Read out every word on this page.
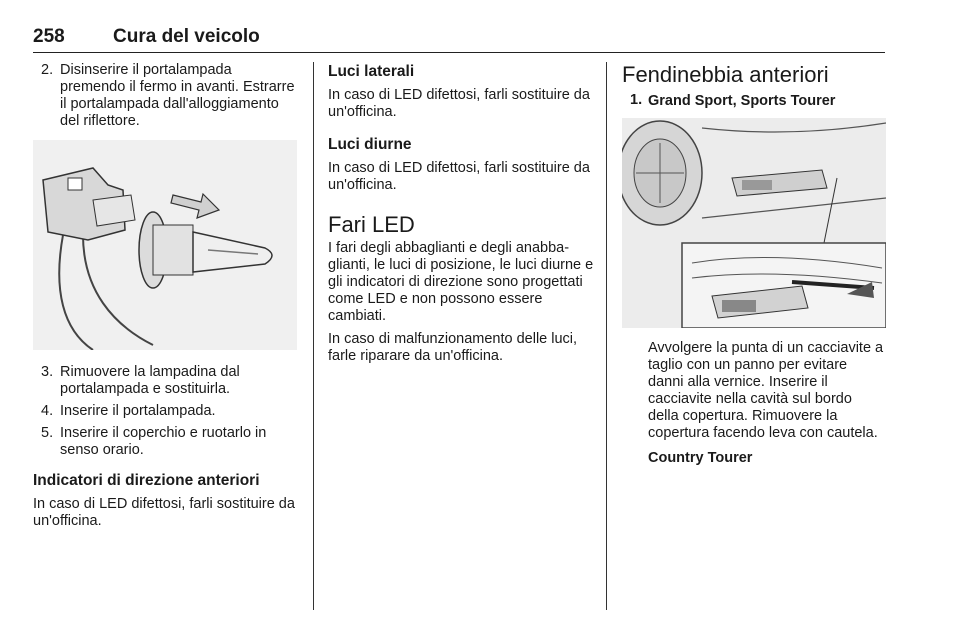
258	Cura del veicolo
2. Disinserire il portalampada premendo il fermo in avanti. Estrarre il portalampada dall'alloggiamento del riflettore.
3. Rimuovere la lampadina dal portalampada e sostituirla.
4. Inserire il portalampada.
5. Inserire il coperchio e ruotarlo in senso orario.
Indicatori di direzione anteriori

In caso di LED difettosi, farli sostituire da un'officina.

Luci laterali

In caso di LED difettosi, farli sostituire da un'officina.

Luci diurne

In caso di LED difettosi, farli sostituire da un'officina.

Fari LED

I fari degli abbaglianti e degli anabbaglianti, le luci di posizione, le luci diurne e gli indicatori di direzione sono progettati come LED e non possono essere cambiati.

In caso di malfunzionamento delle luci, farle riparare da un'officina.

Fendinebbia anteriori
1. Grand Sport, Sports Tourer

Avvolgere la punta di un cacciavite a taglio con un panno per evitare danni alla vernice. Inserire il cacciavite nella cavità sul bordo della copertura. Rimuovere la copertura facendo leva con cautela.

Country Tourer
